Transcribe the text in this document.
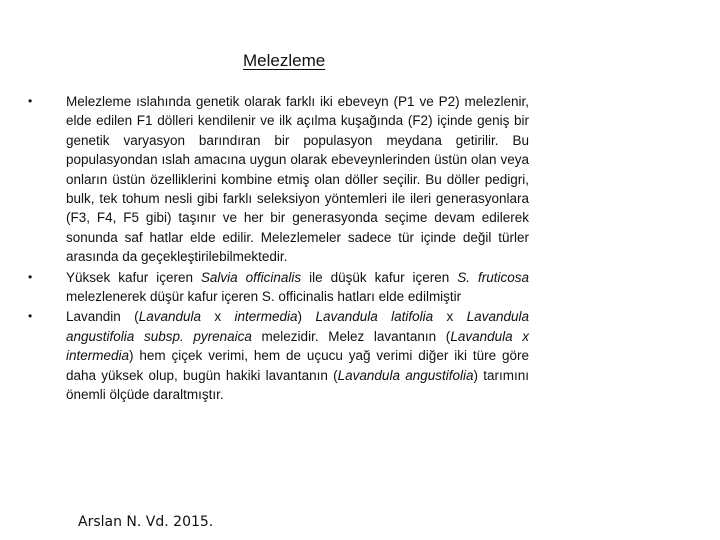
Melezleme
•	Melezleme ıslahında genetik olarak farklı iki ebeveyn (P1 ve P2) melezlenir, elde edilen F1 dölleri kendilenir ve ilk açılma kuşağında (F2) içinde geniş bir genetik varyasyon barındıran bir populasyon meydana getirilir. Bu populasyondan ıslah amacına uygun olarak ebeveynlerinden üstün olan veya onların üstün özelliklerini kombine etmiş olan döller seçilir. Bu döller pedigri, bulk, tek tohum nesli gibi farklı seleksiyon yöntemleri ile ileri generasyonlara (F3, F4, F5 gibi) taşınır ve her bir generasyonda seçime devam edilerek sonunda saf hatlar elde edilir. Melezlemeler sadece tür içinde değil türler arasında da geçekleştirilebilmektedir.
•	Yüksek kafur içeren Salvia officinalis ile düşük kafur içeren S. fruticosa melezlenerek düşür kafur içeren S. officinalis hatları elde edilmiştir
•	Lavandin (Lavandula x intermedia) Lavandula latifolia x Lavandula angustifolia subsp. pyrenaica melezidir. Melez lavantanın (Lavandula x intermedia) hem çiçek verimi, hem de uçucu yağ verimi diğer iki türe göre daha yüksek olup, bugün hakiki lavantanın (Lavandula angustifolia) tarımını önemli ölçüde daraltmıştır.

Arslan N. Vd. 2015.
